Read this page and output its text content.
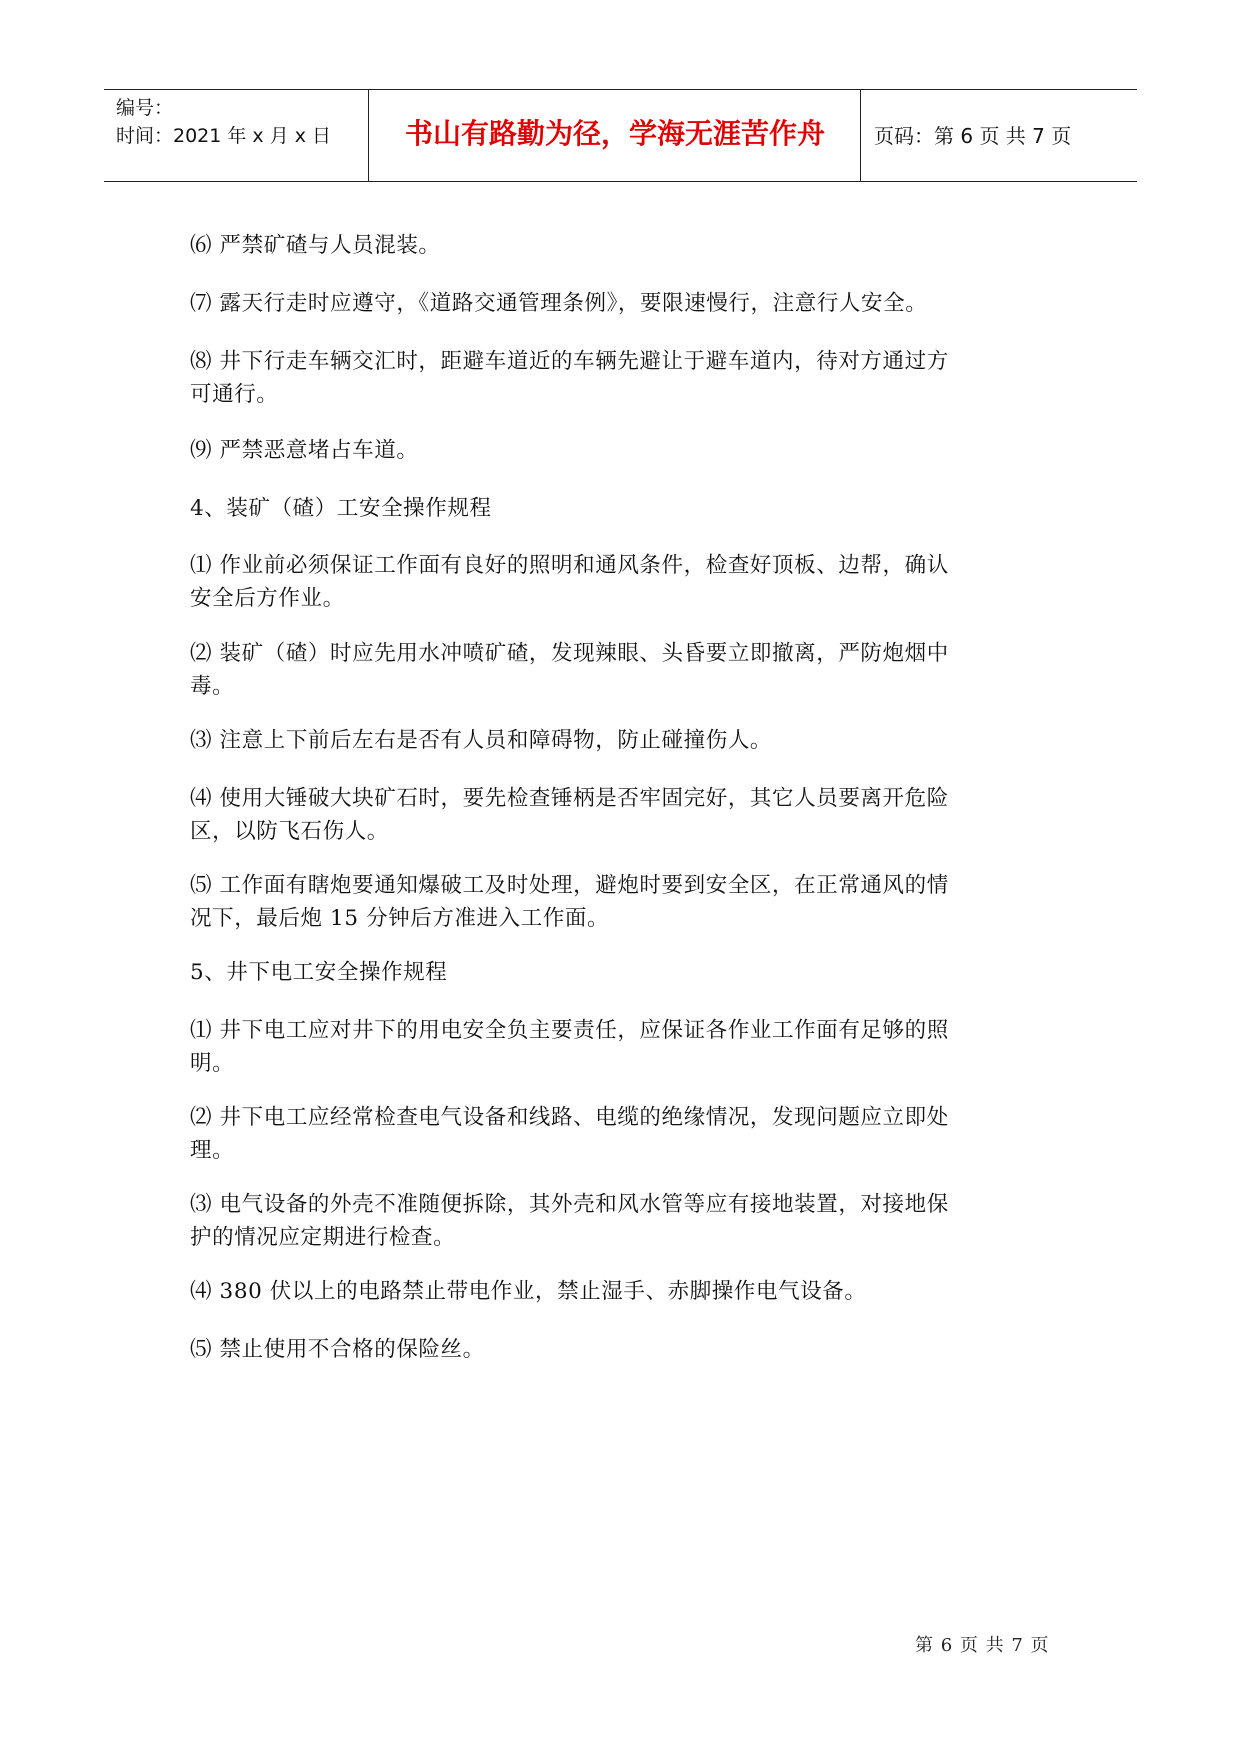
编号：
时间：2021 年 x 月 x 日	书山有路勤为径，学海无涯苦作舟	页码：第 6 页 共 7 页

⑹ 严禁矿碴与人员混装。

⑺ 露天行走时应遵守，《道路交通管理条例》，要限速慢行，注意行人安全。

⑻ 井下行走车辆交汇时，距避车道近的车辆先避让于避车道内，待对方通过方
可通行。

⑼ 严禁恶意堵占车道。

4、装矿（碴）工安全操作规程

⑴ 作业前必须保证工作面有良好的照明和通风条件，检查好顶板、边帮，确认
安全后方作业。

⑵ 装矿（碴）时应先用水冲喷矿碴，发现辣眼、头昏要立即撤离，严防炮烟中
毒。

⑶ 注意上下前后左右是否有人员和障碍物，防止碰撞伤人。

⑷ 使用大锤破大块矿石时，要先检查锤柄是否牢固完好，其它人员要离开危险
区，以防飞石伤人。

⑸ 工作面有瞎炮要通知爆破工及时处理，避炮时要到安全区，在正常通风的情
况下，最后炮 15 分钟后方准进入工作面。

5、井下电工安全操作规程

⑴ 井下电工应对井下的用电安全负主要责任，应保证各作业工作面有足够的照
明。

⑵ 井下电工应经常检查电气设备和线路、电缆的绝缘情况，发现问题应立即处
理。

⑶ 电气设备的外壳不准随便拆除，其外壳和风水管等应有接地装置，对接地保
护的情况应定期进行检查。

⑷ 380 伏以上的电路禁止带电作业，禁止湿手、赤脚操作电气设备。

⑸ 禁止使用不合格的保险丝。

第 6 页 共 7 页
